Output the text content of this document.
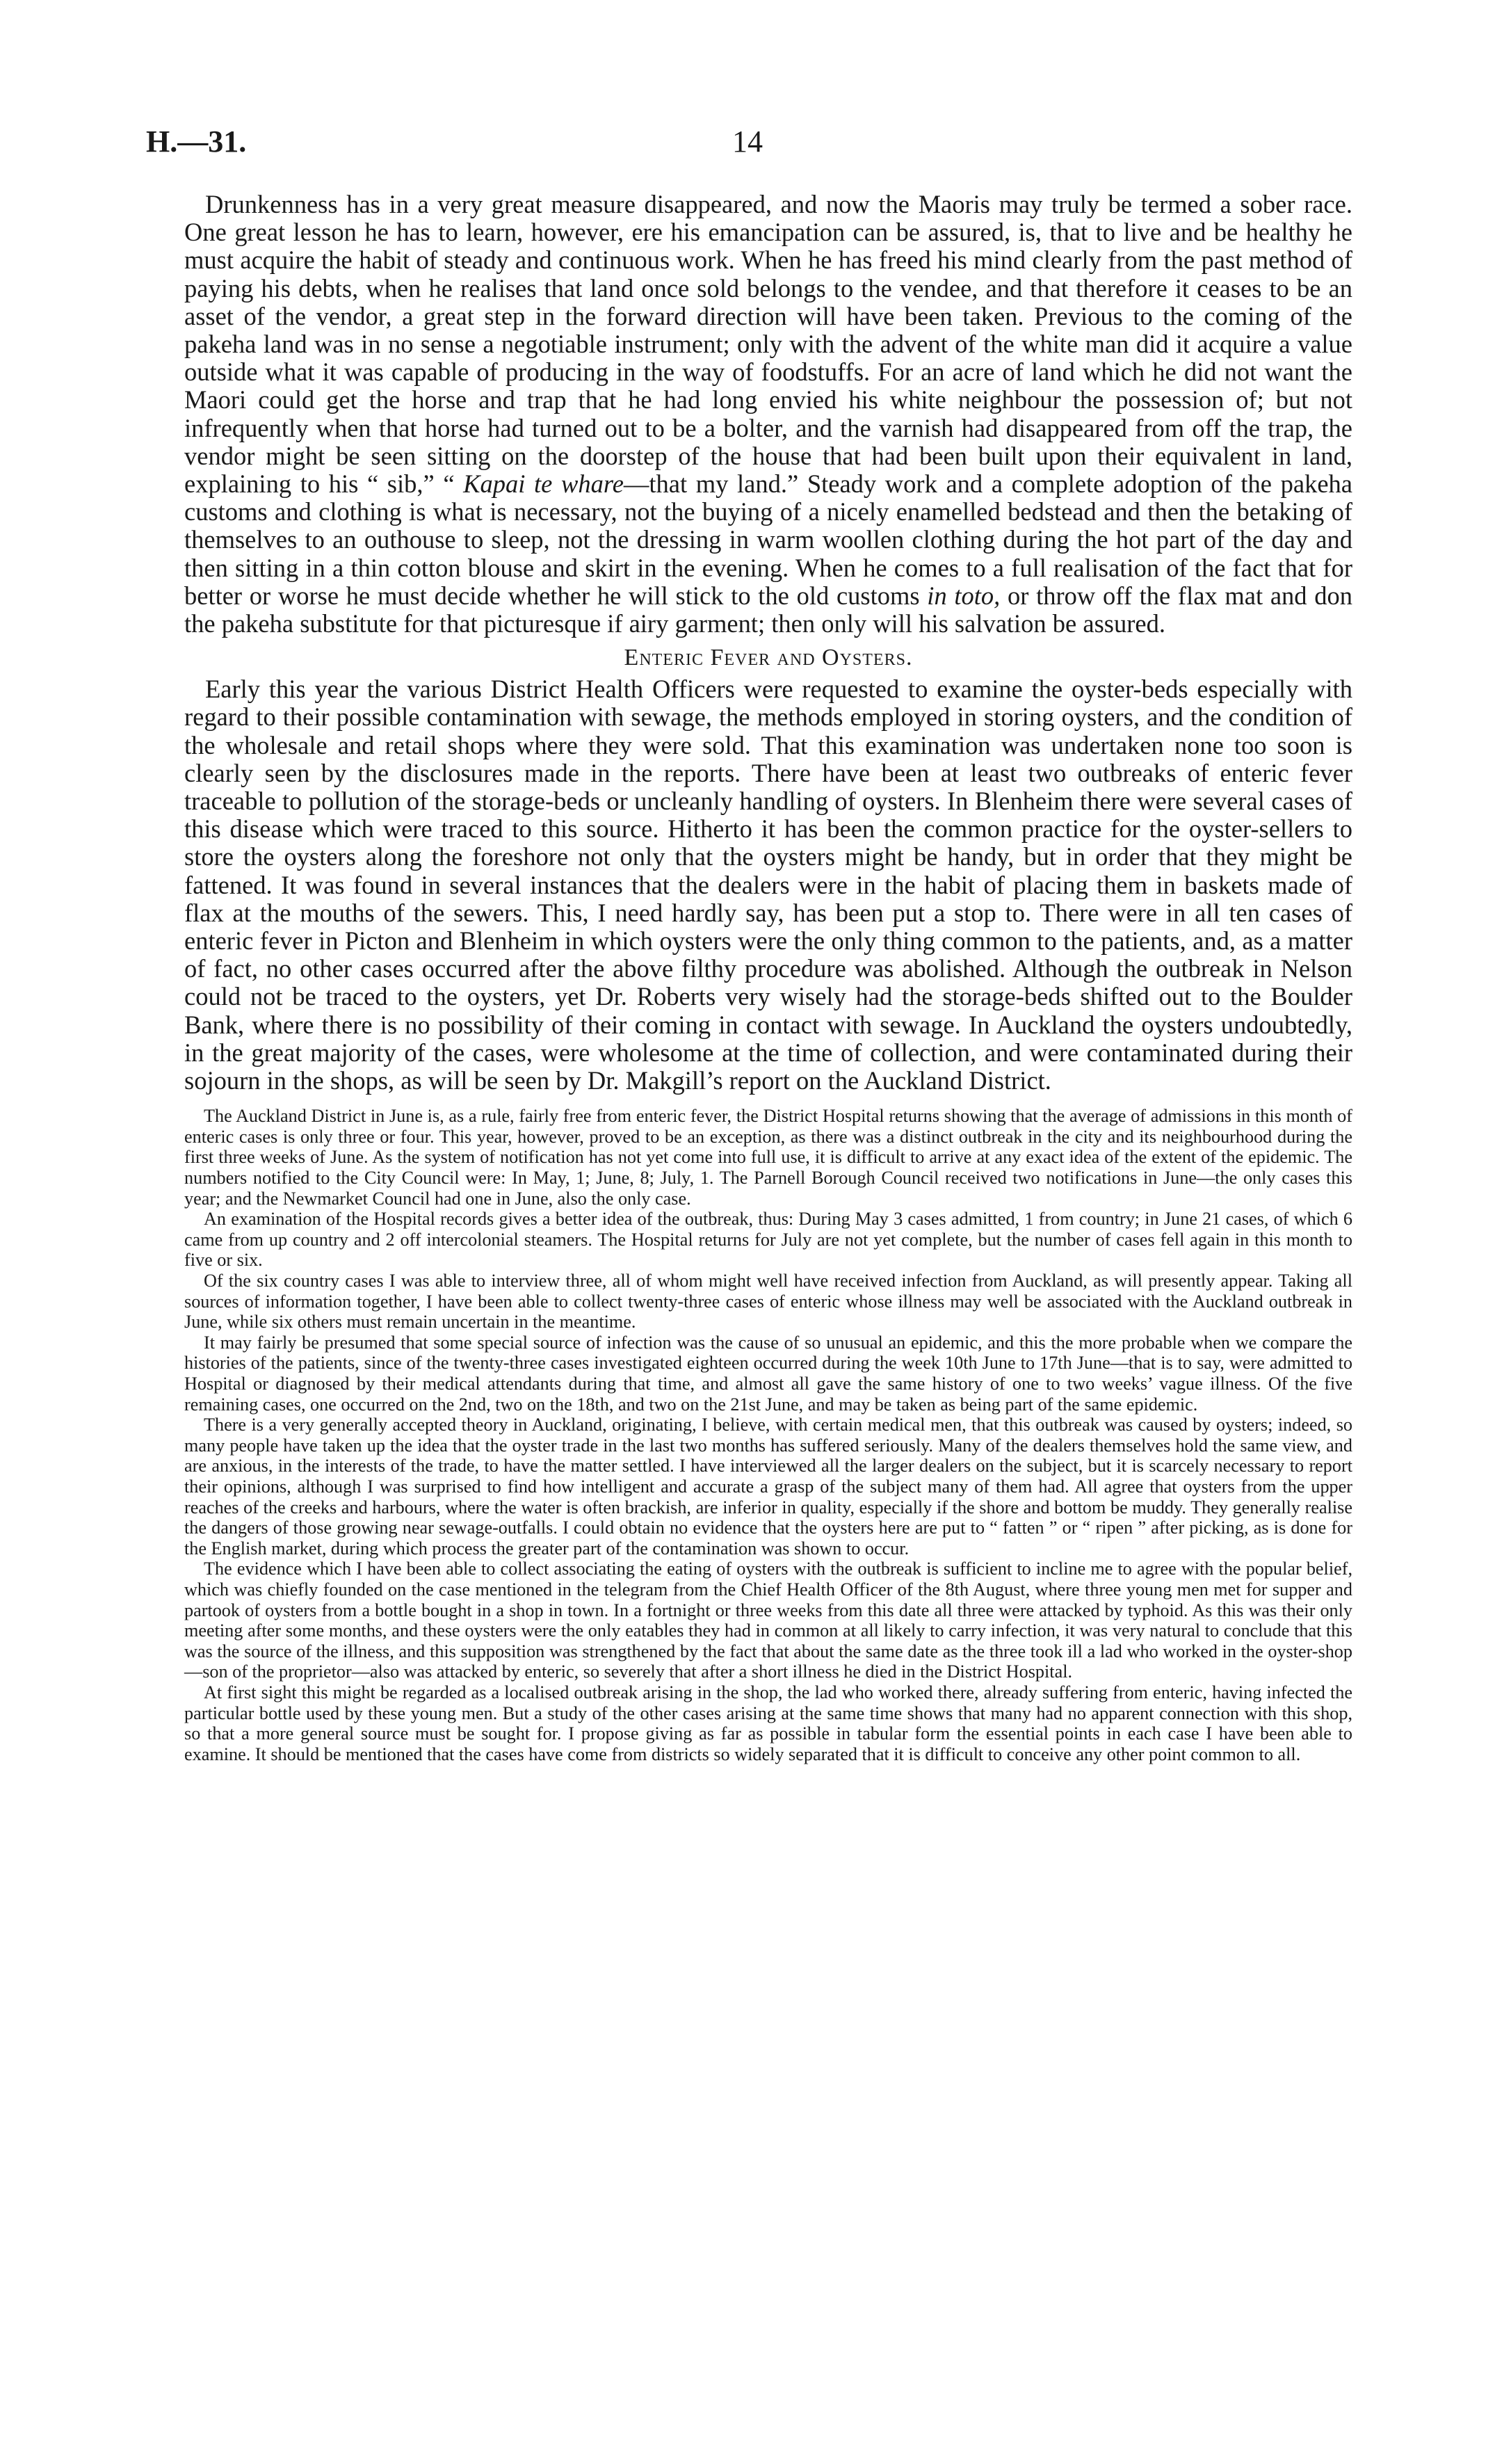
H.—31.	14

Drunkenness has in a very great measure disappeared, and now the Maoris may truly be termed a sober race. One great lesson he has to learn, however, ere his emancipation can be assured, is, that to live and be healthy he must acquire the habit of steady and continuous work. When he has freed his mind clearly from the past method of paying his debts, when he realises that land once sold belongs to the vendee, and that therefore it ceases to be an asset of the vendor, a great step in the forward direction will have been taken. Previous to the coming of the pakeha land was in no sense a negotiable instrument; only with the advent of the white man did it acquire a value outside what it was capable of producing in the way of foodstuffs. For an acre of land which he did not want the Maori could get the horse and trap that he had long envied his white neighbour the possession of; but not infrequently when that horse had turned out to be a bolter, and the varnish had disappeared from off the trap, the vendor might be seen sitting on the doorstep of the house that had been built upon their equivalent in land, explaining to his “ sib,” “ Kapai te whare—that my land.” Steady work and a complete adoption of the pakeha customs and clothing is what is necessary, not the buying of a nicely enamelled bedstead and then the betaking of themselves to an outhouse to sleep, not the dressing in warm woollen clothing during the hot part of the day and then sitting in a thin cotton blouse and skirt in the evening. When he comes to a full realisation of the fact that for better or worse he must decide whether he will stick to the old customs in toto, or throw off the flax mat and don the pakeha substitute for that picturesque if airy garment; then only will his salvation be assured.

Enteric Fever and Oysters.

Early this year the various District Health Officers were requested to examine the oyster-beds especially with regard to their possible contamination with sewage, the methods employed in storing oysters, and the condition of the wholesale and retail shops where they were sold. That this examination was undertaken none too soon is clearly seen by the disclosures made in the reports. There have been at least two outbreaks of enteric fever traceable to pollution of the storage-beds or uncleanly handling of oysters. In Blenheim there were several cases of this disease which were traced to this source. Hitherto it has been the common practice for the oyster-sellers to store the oysters along the foreshore not only that the oysters might be handy, but in order that they might be fattened. It was found in several instances that the dealers were in the habit of placing them in baskets made of flax at the mouths of the sewers. This, I need hardly say, has been put a stop to. There were in all ten cases of enteric fever in Picton and Blenheim in which oysters were the only thing common to the patients, and, as a matter of fact, no other cases occurred after the above filthy procedure was abolished. Although the outbreak in Nelson could not be traced to the oysters, yet Dr. Roberts very wisely had the storage-beds shifted out to the Boulder Bank, where there is no possibility of their coming in contact with sewage. In Auckland the oysters undoubtedly, in the great majority of the cases, were wholesome at the time of collection, and were contaminated during their sojourn in the shops, as will be seen by Dr. Makgill’s report on the Auckland District.

The Auckland District in June is, as a rule, fairly free from enteric fever, the District Hospital returns showing that the average of admissions in this month of enteric cases is only three or four. This year, however, proved to be an exception, as there was a distinct outbreak in the city and its neighbourhood during the first three weeks of June. As the system of notification has not yet come into full use, it is difficult to arrive at any exact idea of the extent of the epidemic. The numbers notified to the City Council were: In May, 1; June, 8; July, 1. The Parnell Borough Council received two notifications in June—the only cases this year; and the Newmarket Council had one in June, also the only case.

An examination of the Hospital records gives a better idea of the outbreak, thus: During May 3 cases admitted, 1 from country; in June 21 cases, of which 6 came from up country and 2 off intercolonial steamers. The Hospital returns for July are not yet complete, but the number of cases fell again in this month to five or six.

Of the six country cases I was able to interview three, all of whom might well have received infection from Auckland, as will presently appear. Taking all sources of information together, I have been able to collect twenty-three cases of enteric whose illness may well be associated with the Auckland outbreak in June, while six others must remain uncertain in the meantime.

It may fairly be presumed that some special source of infection was the cause of so unusual an epidemic, and this the more probable when we compare the histories of the patients, since of the twenty-three cases investigated eighteen occurred during the week 10th June to 17th June—that is to say, were admitted to Hospital or diagnosed by their medical attendants during that time, and almost all gave the same history of one to two weeks’ vague illness. Of the five remaining cases, one occurred on the 2nd, two on the 18th, and two on the 21st June, and may be taken as being part of the same epidemic.

There is a very generally accepted theory in Auckland, originating, I believe, with certain medical men, that this outbreak was caused by oysters; indeed, so many people have taken up the idea that the oyster trade in the last two months has suffered seriously. Many of the dealers themselves hold the same view, and are anxious, in the interests of the trade, to have the matter settled. I have interviewed all the larger dealers on the subject, but it is scarcely necessary to report their opinions, although I was surprised to find how intelligent and accurate a grasp of the subject many of them had. All agree that oysters from the upper reaches of the creeks and harbours, where the water is often brackish, are inferior in quality, especially if the shore and bottom be muddy. They generally realise the dangers of those growing near sewage-outfalls. I could obtain no evidence that the oysters here are put to “ fatten ” or “ ripen ” after picking, as is done for the English market, during which process the greater part of the contamination was shown to occur.

The evidence which I have been able to collect associating the eating of oysters with the outbreak is sufficient to incline me to agree with the popular belief, which was chiefly founded on the case mentioned in the telegram from the Chief Health Officer of the 8th August, where three young men met for supper and partook of oysters from a bottle bought in a shop in town. In a fortnight or three weeks from this date all three were attacked by typhoid. As this was their only meeting after some months, and these oysters were the only eatables they had in common at all likely to carry infection, it was very natural to conclude that this was the source of the illness, and this supposition was strengthened by the fact that about the same date as the three took ill a lad who worked in the oyster-shop —son of the proprietor—also was attacked by enteric, so severely that after a short illness he died in the District Hospital.

At first sight this might be regarded as a localised outbreak arising in the shop, the lad who worked there, already suffering from enteric, having infected the particular bottle used by these young men. But a study of the other cases arising at the same time shows that many had no apparent connection with this shop, so that a more general source must be sought for. I propose giving as far as possible in tabular form the essential points in each case I have been able to examine. It should be mentioned that the cases have come from districts so widely separated that it is difficult to conceive any other point common to all.
